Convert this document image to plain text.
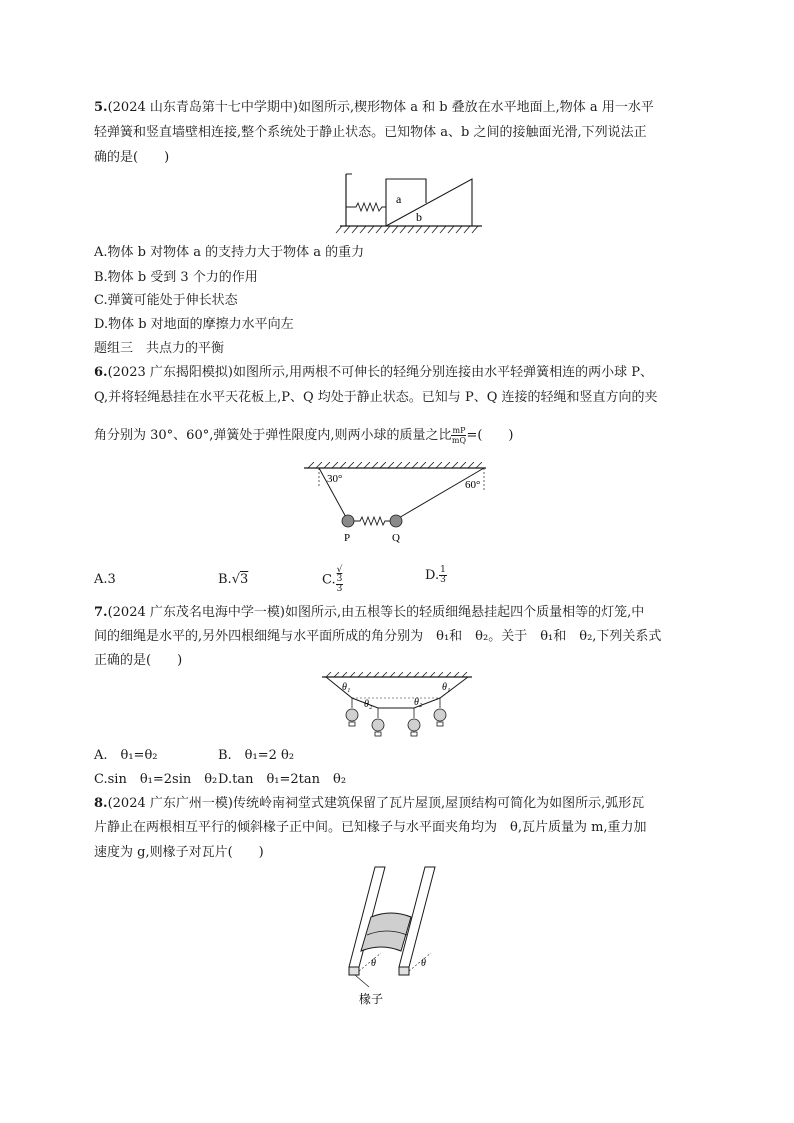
5.(2024 山东青岛第十七中学期中)如图所示,楔形物体 a 和 b 叠放在水平地面上,物体 a 用一水平
轻弹簧和竖直墙壁相连接,整个系统处于静止状态。已知物体 a、b 之间的接触面光滑,下列说法正
确的是(　　)
a
b
A.物体 b 对物体 a 的支持力大于物体 a 的重力
B.物体 b 受到 3 个力的作用
C.弹簧可能处于伸长状态
D.物体 b 对地面的摩擦力水平向左
题组三　共点力的平衡
6.(2023 广东揭阳模拟)如图所示,用两根不可伸长的轻绳分别连接由水平轻弹簧相连的两小球 P、
Q,并将轻绳悬挂在水平天花板上,P、Q 均处于静止状态。已知与 P、Q 连接的轻绳和竖直方向的夹
角分别为 30°、60°,弹簧处于弹性限度内,则两小球的质量之比 $\frac{mP}{mQ}$ =(　　)
30°	60°
P	Q
A.3	B.√3	C. √
3
3	D. $\frac{1}{3}$
7.(2024 广东茂名电海中学一模)如图所示,由五根等长的轻质细绳悬挂起四个质量相等的灯笼,中
间的细绳是水平的,另外四根细绳与水平面所成的角分别为　θ₁和　θ₂。关于　θ₁和　θ₂,下列关系式
正确的是(　　)
θ₁	θ₁
θ₂	θ₂
A.　θ₁=θ₂	B.　θ₁=2 θ₂
C.sin　θ₁=2sin　θ₂ D.tan　θ₁=2tan　θ₂
8.(2024 广东广州一模)传统岭南祠堂式建筑保留了瓦片屋顶,屋顶结构可简化为如图所示,弧形瓦
片静止在两根相互平行的倾斜椽子正中间。已知椽子与水平面夹角均为　θ,瓦片质量为 m,重力加
速度为 g,则椽子对瓦片(　　)
θ	θ
椽子
